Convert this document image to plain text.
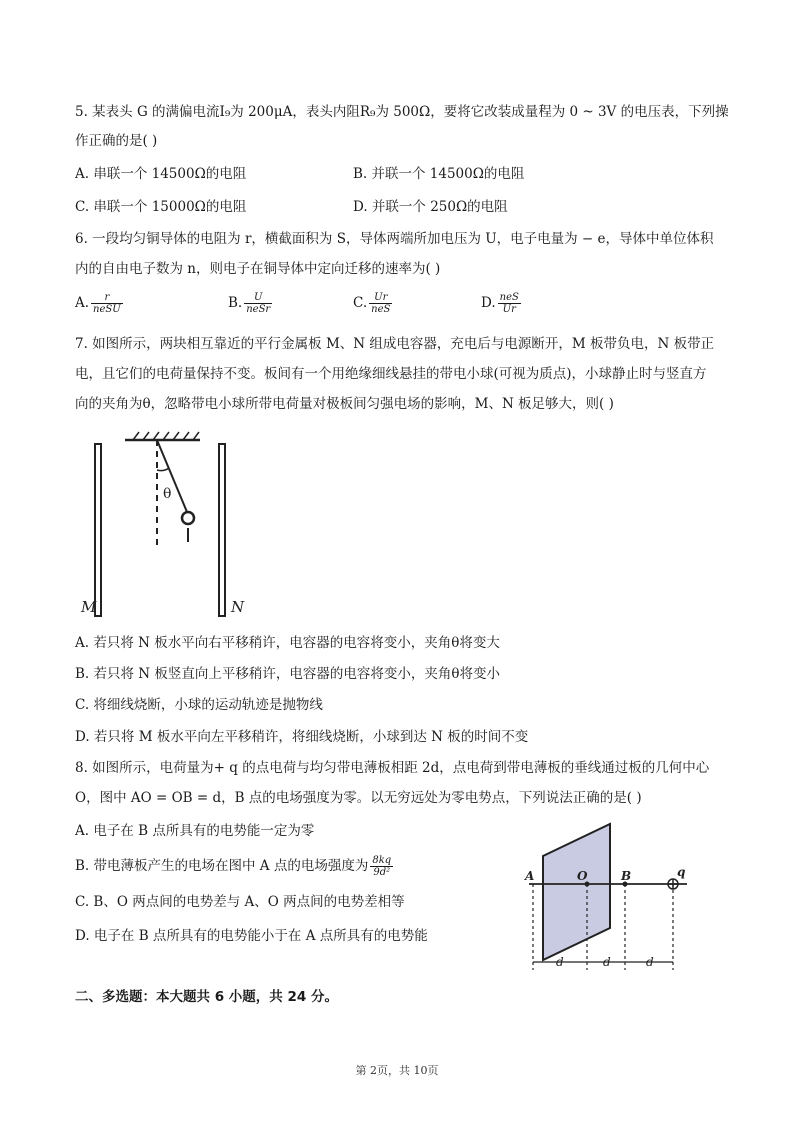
5. 某表头 G 的满偏电流I₉为 200μA，表头内阻R₉为 500Ω，要将它改装成量程为 0 ~ 3V 的电压表，下列操
作正确的是( )
A. 串联一个 14500Ω的电阻	B. 并联一个 14500Ω的电阻
C. 串联一个 15000Ω的电阻	D. 并联一个 250Ω的电阻
6. 一段均匀铜导体的电阻为 r，横截面积为 S，导体两端所加电压为 U，电子电量为 − e，导体中单位体积
内的自由电子数为 n，则电子在铜导体中定向迁移的速率为( )
A. $\frac{r}{\text{neSU}}$	B. $\frac{U}{\text{neSr}}$	C. $\frac{Ur}{\text{neS}}$	D. $\frac{\text{neS}}{Ur}$
7. 如图所示，两块相互靠近的平行金属板 M、N 组成电容器，充电后与电源断开，M 板带负电，N 板带正
电，且它们的电荷量保持不变。板间有一个用绝缘细线悬挂的带电小球(可视为质点)，小球静止时与竖直方
向的夹角为θ，忽略带电小球所带电荷量对极板间匀强电场的影响，M、N 板足够大，则( )
θ
M	N
A. 若只将 N 板水平向右平移稍许，电容器的电容将变小，夹角θ将变大
B. 若只将 N 板竖直向上平移稍许，电容器的电容将变小，夹角θ将变小
C. 将细线烧断，小球的运动轨迹是抛物线
D. 若只将 M 板水平向左平移稍许，将细线烧断，小球到达 N 板的时间不变
8. 如图所示，电荷量为+ q 的点电荷与均匀带电薄板相距 2d，点电荷到带电薄板的垂线通过板的几何中心
O，图中 AO = OB = d，B 点的电场强度为零。以无穷远处为零电势点，下列说法正确的是( )
A. 电子在 B 点所具有的电势能一定为零
B. 带电薄板产生的电场在图中 A 点的电场强度为 $\frac{8kq}{\text{9d²}}$
C. B、O 两点间的电势差与 A、O 两点间的电势差相等
D. 电子在 B 点所具有的电势能小于在 A 点所具有的电势能
A	O	B	q
d	d	d
二、多选题：本大题共 6 小题，共 24 分。
第 2页，共 10页
